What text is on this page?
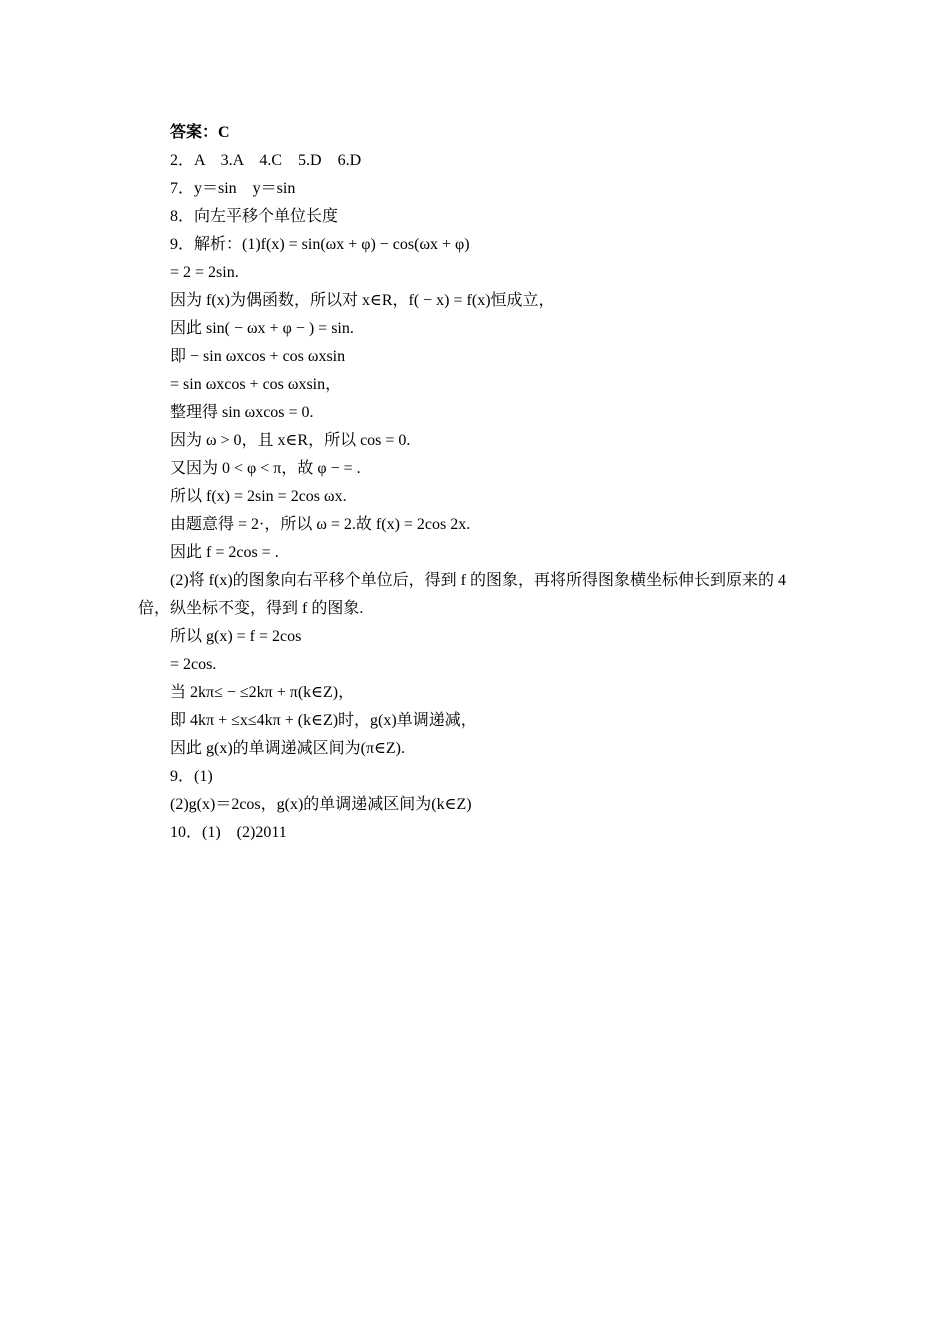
答案：C
2．A　3.A　4.C　5.D　6.D
7．y＝sin　y＝sin
8．向左平移个单位长度
9．解析：(1)f(x) = sin(ωx + φ) − cos(ωx + φ)
= 2 = 2sin.
因为 f(x)为偶函数，所以对 x∈R，f( − x) = f(x)恒成立，
因此 sin( − ωx + φ − ) = sin.
即 − sin ωxcos + cos ωxsin
= sin ωxcos + cos ωxsin，
整理得 sin ωxcos = 0.
因为 ω > 0，且 x∈R，所以 cos = 0.
又因为 0 < φ < π，故 φ − = .
所以 f(x) = 2sin = 2cos ωx.
由题意得 = 2·，所以 ω = 2.故 f(x) = 2cos 2x.
因此 f = 2cos = .
(2)将 f(x)的图象向右平移个单位后，得到 f 的图象，再将所得图象横坐标伸长到原来的 4
倍，纵坐标不变，得到 f 的图象.
所以 g(x) = f = 2cos
= 2cos.
当 2kπ≤ − ≤2kπ + π(k∈Z)，
即 4kπ + ≤x≤4kπ + (k∈Z)时，g(x)单调递减，
因此 g(x)的单调递减区间为(π∈Z).
9．(1)
(2)g(x)＝2cos，g(x)的单调递减区间为(k∈Z)
10．(1)　(2)2011
